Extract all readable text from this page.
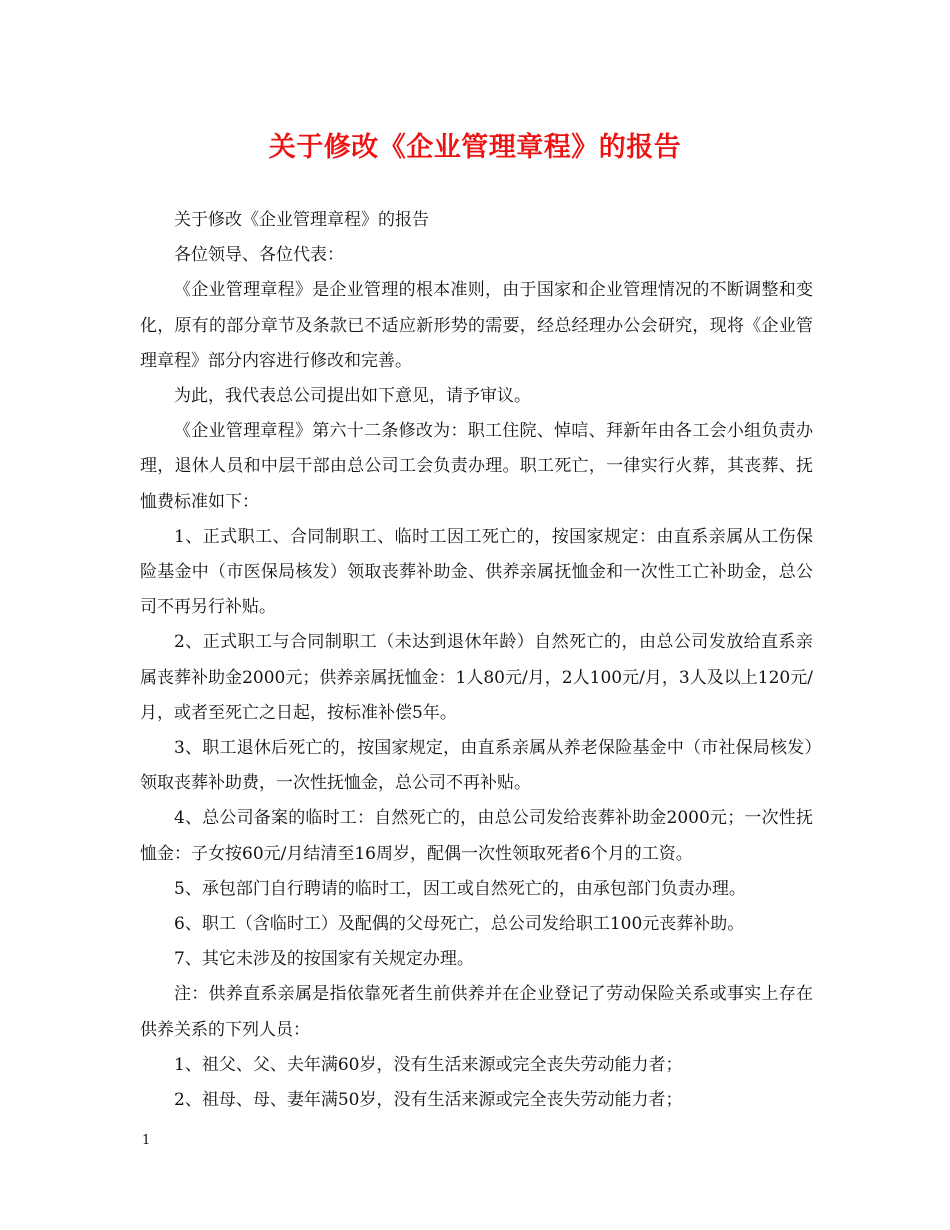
关于修改《企业管理章程》的报告

关于修改《企业管理章程》的报告

各位领导、各位代表：

《企业管理章程》是企业管理的根本准则，由于国家和企业管理情况的不断调整和变化，原有的部分章节及条款已不适应新形势的需要，经总经理办公会研究，现将《企业管理章程》部分内容进行修改和完善。

为此，我代表总公司提出如下意见，请予审议。

《企业管理章程》第六十二条修改为：职工住院、悼唁、拜新年由各工会小组负责办理，退休人员和中层干部由总公司工会负责办理。职工死亡，一律实行火葬，其丧葬、抚恤费标准如下：

1、正式职工、合同制职工、临时工因工死亡的，按国家规定：由直系亲属从工伤保险基金中（市医保局核发）领取丧葬补助金、供养亲属抚恤金和一次性工亡补助金，总公司不再另行补贴。

2、正式职工与合同制职工（未达到退休年龄）自然死亡的，由总公司发放给直系亲属丧葬补助金2000元；供养亲属抚恤金：1人80元/月，2人100元/月，3人及以上120元/月，或者至死亡之日起，按标准补偿5年。

3、职工退休后死亡的，按国家规定，由直系亲属从养老保险基金中（市社保局核发）领取丧葬补助费，一次性抚恤金，总公司不再补贴。

4、总公司备案的临时工：自然死亡的，由总公司发给丧葬补助金2000元；一次性抚恤金：子女按60元/月结清至16周岁，配偶一次性领取死者6个月的工资。

5、承包部门自行聘请的临时工，因工或自然死亡的，由承包部门负责办理。

6、职工（含临时工）及配偶的父母死亡，总公司发给职工100元丧葬补助。

7、其它未涉及的按国家有关规定办理。

注：供养直系亲属是指依靠死者生前供养并在企业登记了劳动保险关系或事实上存在供养关系的下列人员：

1、祖父、父、夫年满60岁，没有生活来源或完全丧失劳动能力者；

2、祖母、母、妻年满50岁，没有生活来源或完全丧失劳动能力者；

1
